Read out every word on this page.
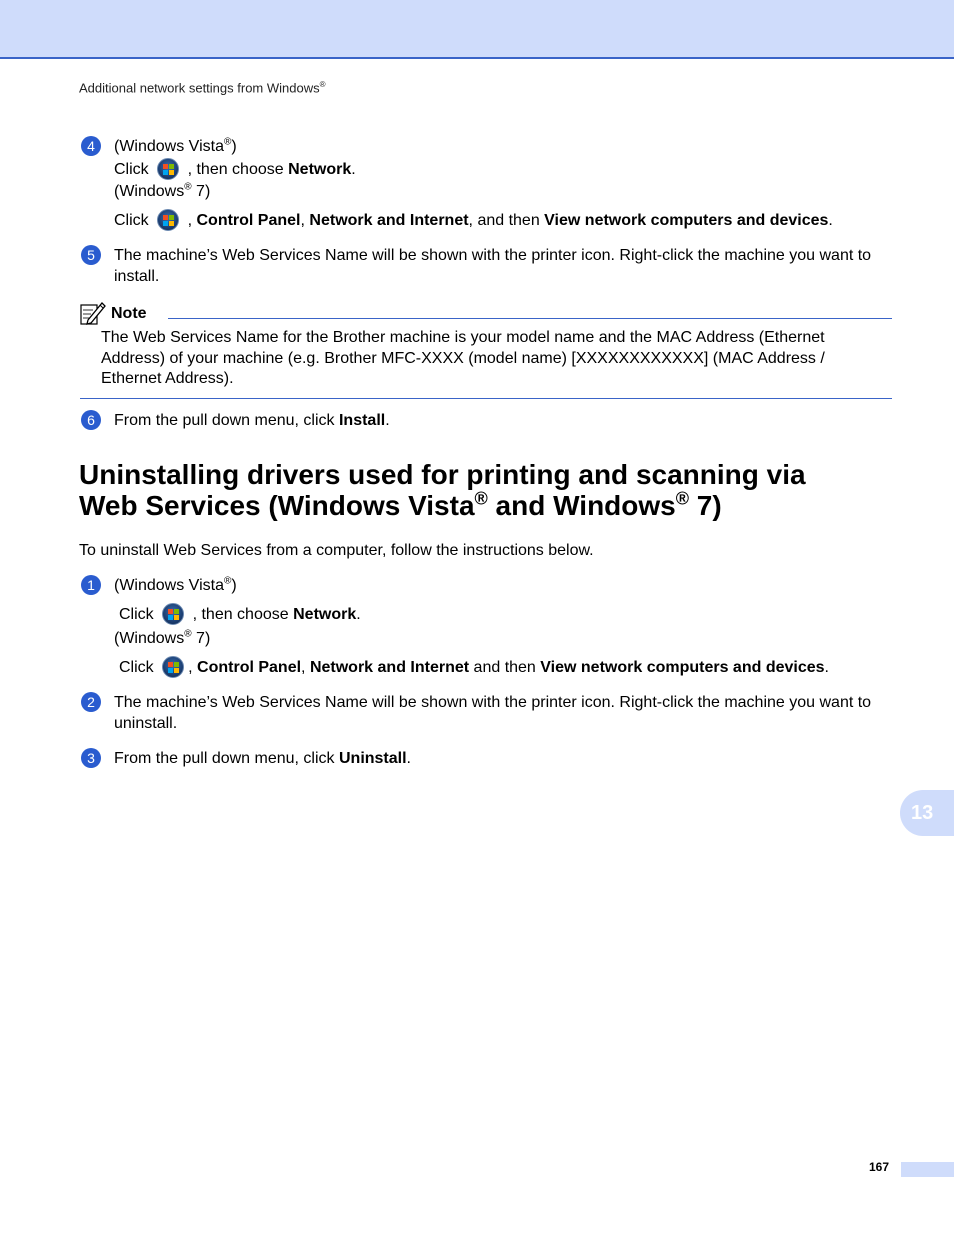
Additional network settings from Windows®
4	(Windows Vista®)
Click , then choose Network.
(Windows® 7)
Click , Control Panel, Network and Internet, and then View network computers and devices.
5	The machine’s Web Services Name will be shown with the printer icon. Right-click the machine you want to install.
Note
The Web Services Name for the Brother machine is your model name and the MAC Address (Ethernet Address) of your machine (e.g. Brother MFC-XXXX (model name) [XXXXXXXXXXXX] (MAC Address / Ethernet Address).
6	From the pull down menu, click Install.
Uninstalling drivers used for printing and scanning via
Web Services (Windows Vista® and Windows® 7)
To uninstall Web Services from a computer, follow the instructions below.
1	(Windows Vista®)
Click , then choose Network.
(Windows® 7)
Click , Control Panel, Network and Internet and then View network computers and devices.
2	The machine’s Web Services Name will be shown with the printer icon. Right-click the machine you want to uninstall.
3	From the pull down menu, click Uninstall.
13
167
